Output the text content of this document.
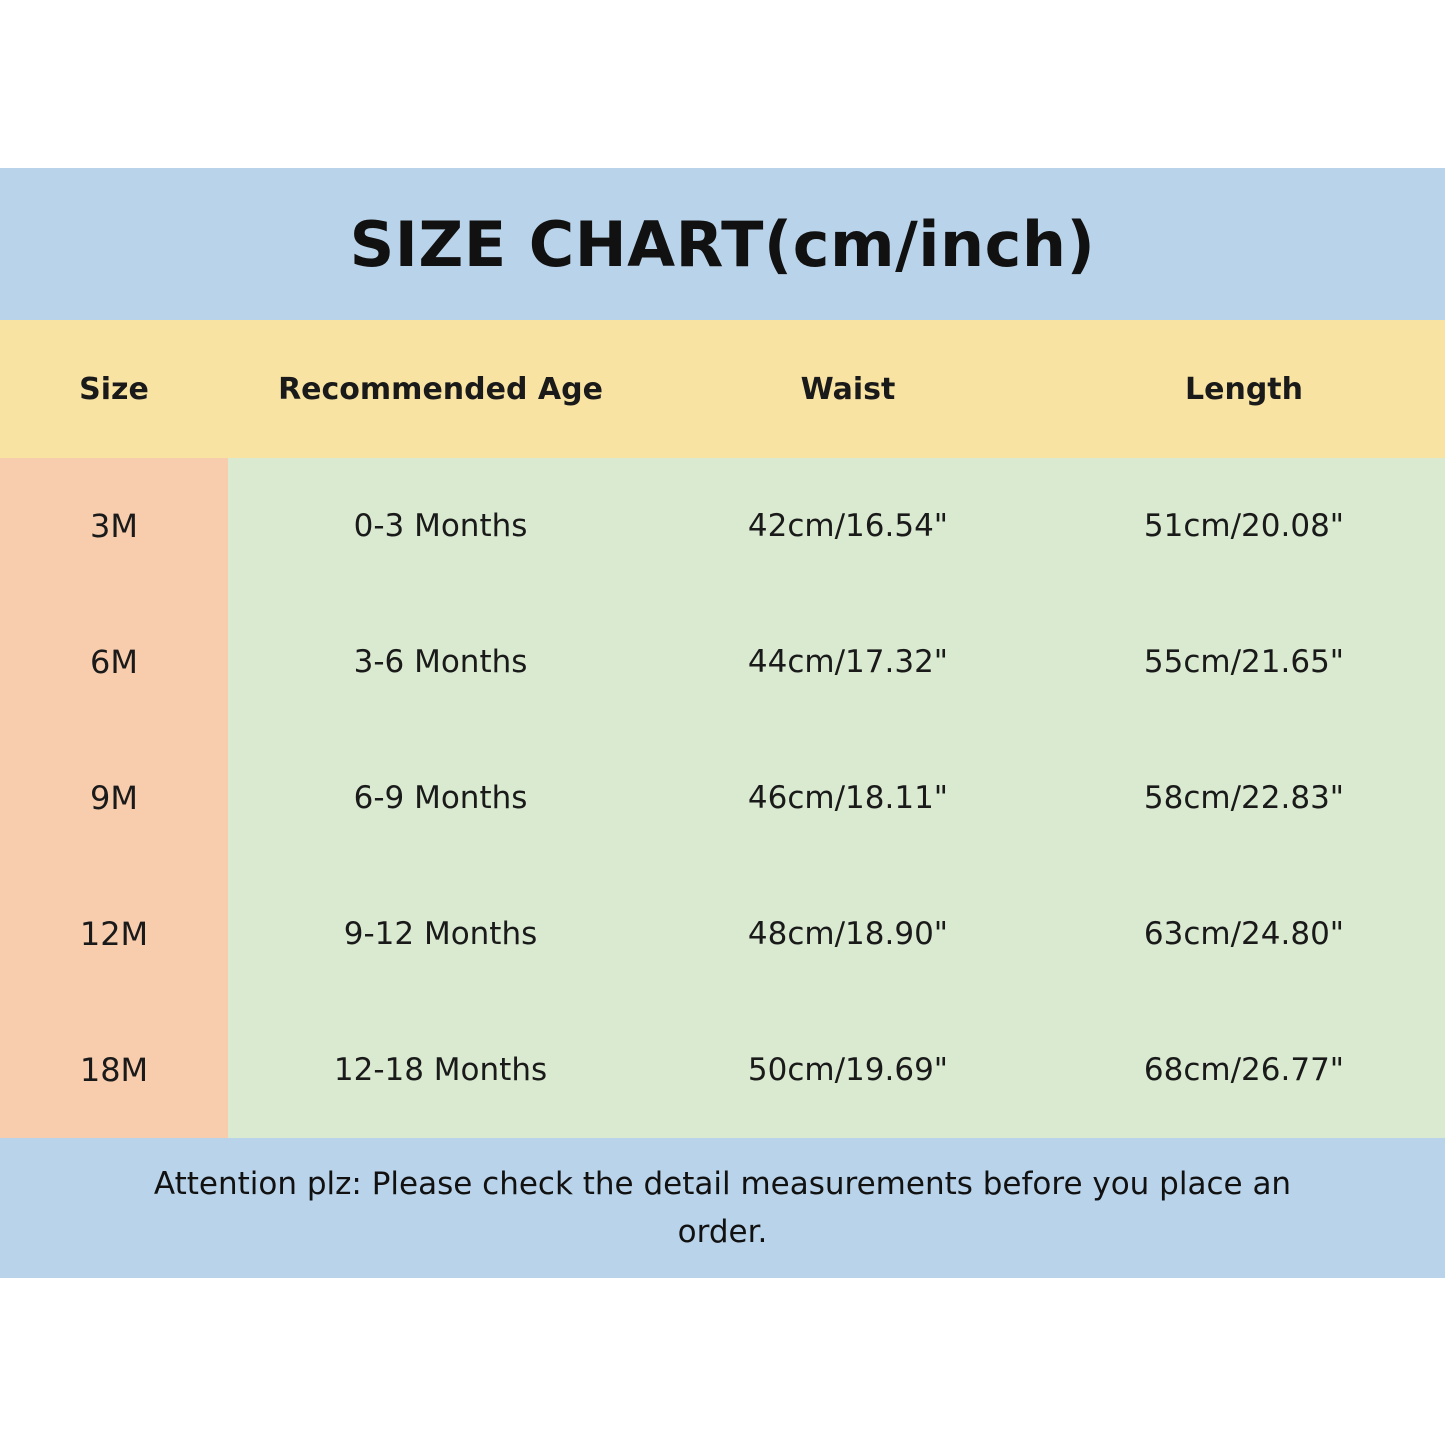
SIZE CHART(cm/inch)
Size	Recommended Age	Waist	Length
3M	0-3 Months	42cm/16.54"	51cm/20.08"
6M	3-6 Months	44cm/17.32"	55cm/21.65"
9M	6-9 Months	46cm/18.11"	58cm/22.83"
12M	9-12 Months	48cm/18.90"	63cm/24.80"
18M	12-18 Months	50cm/19.69"	68cm/26.77"
Attention plz: Please check the detail measurements before you place an
order.
